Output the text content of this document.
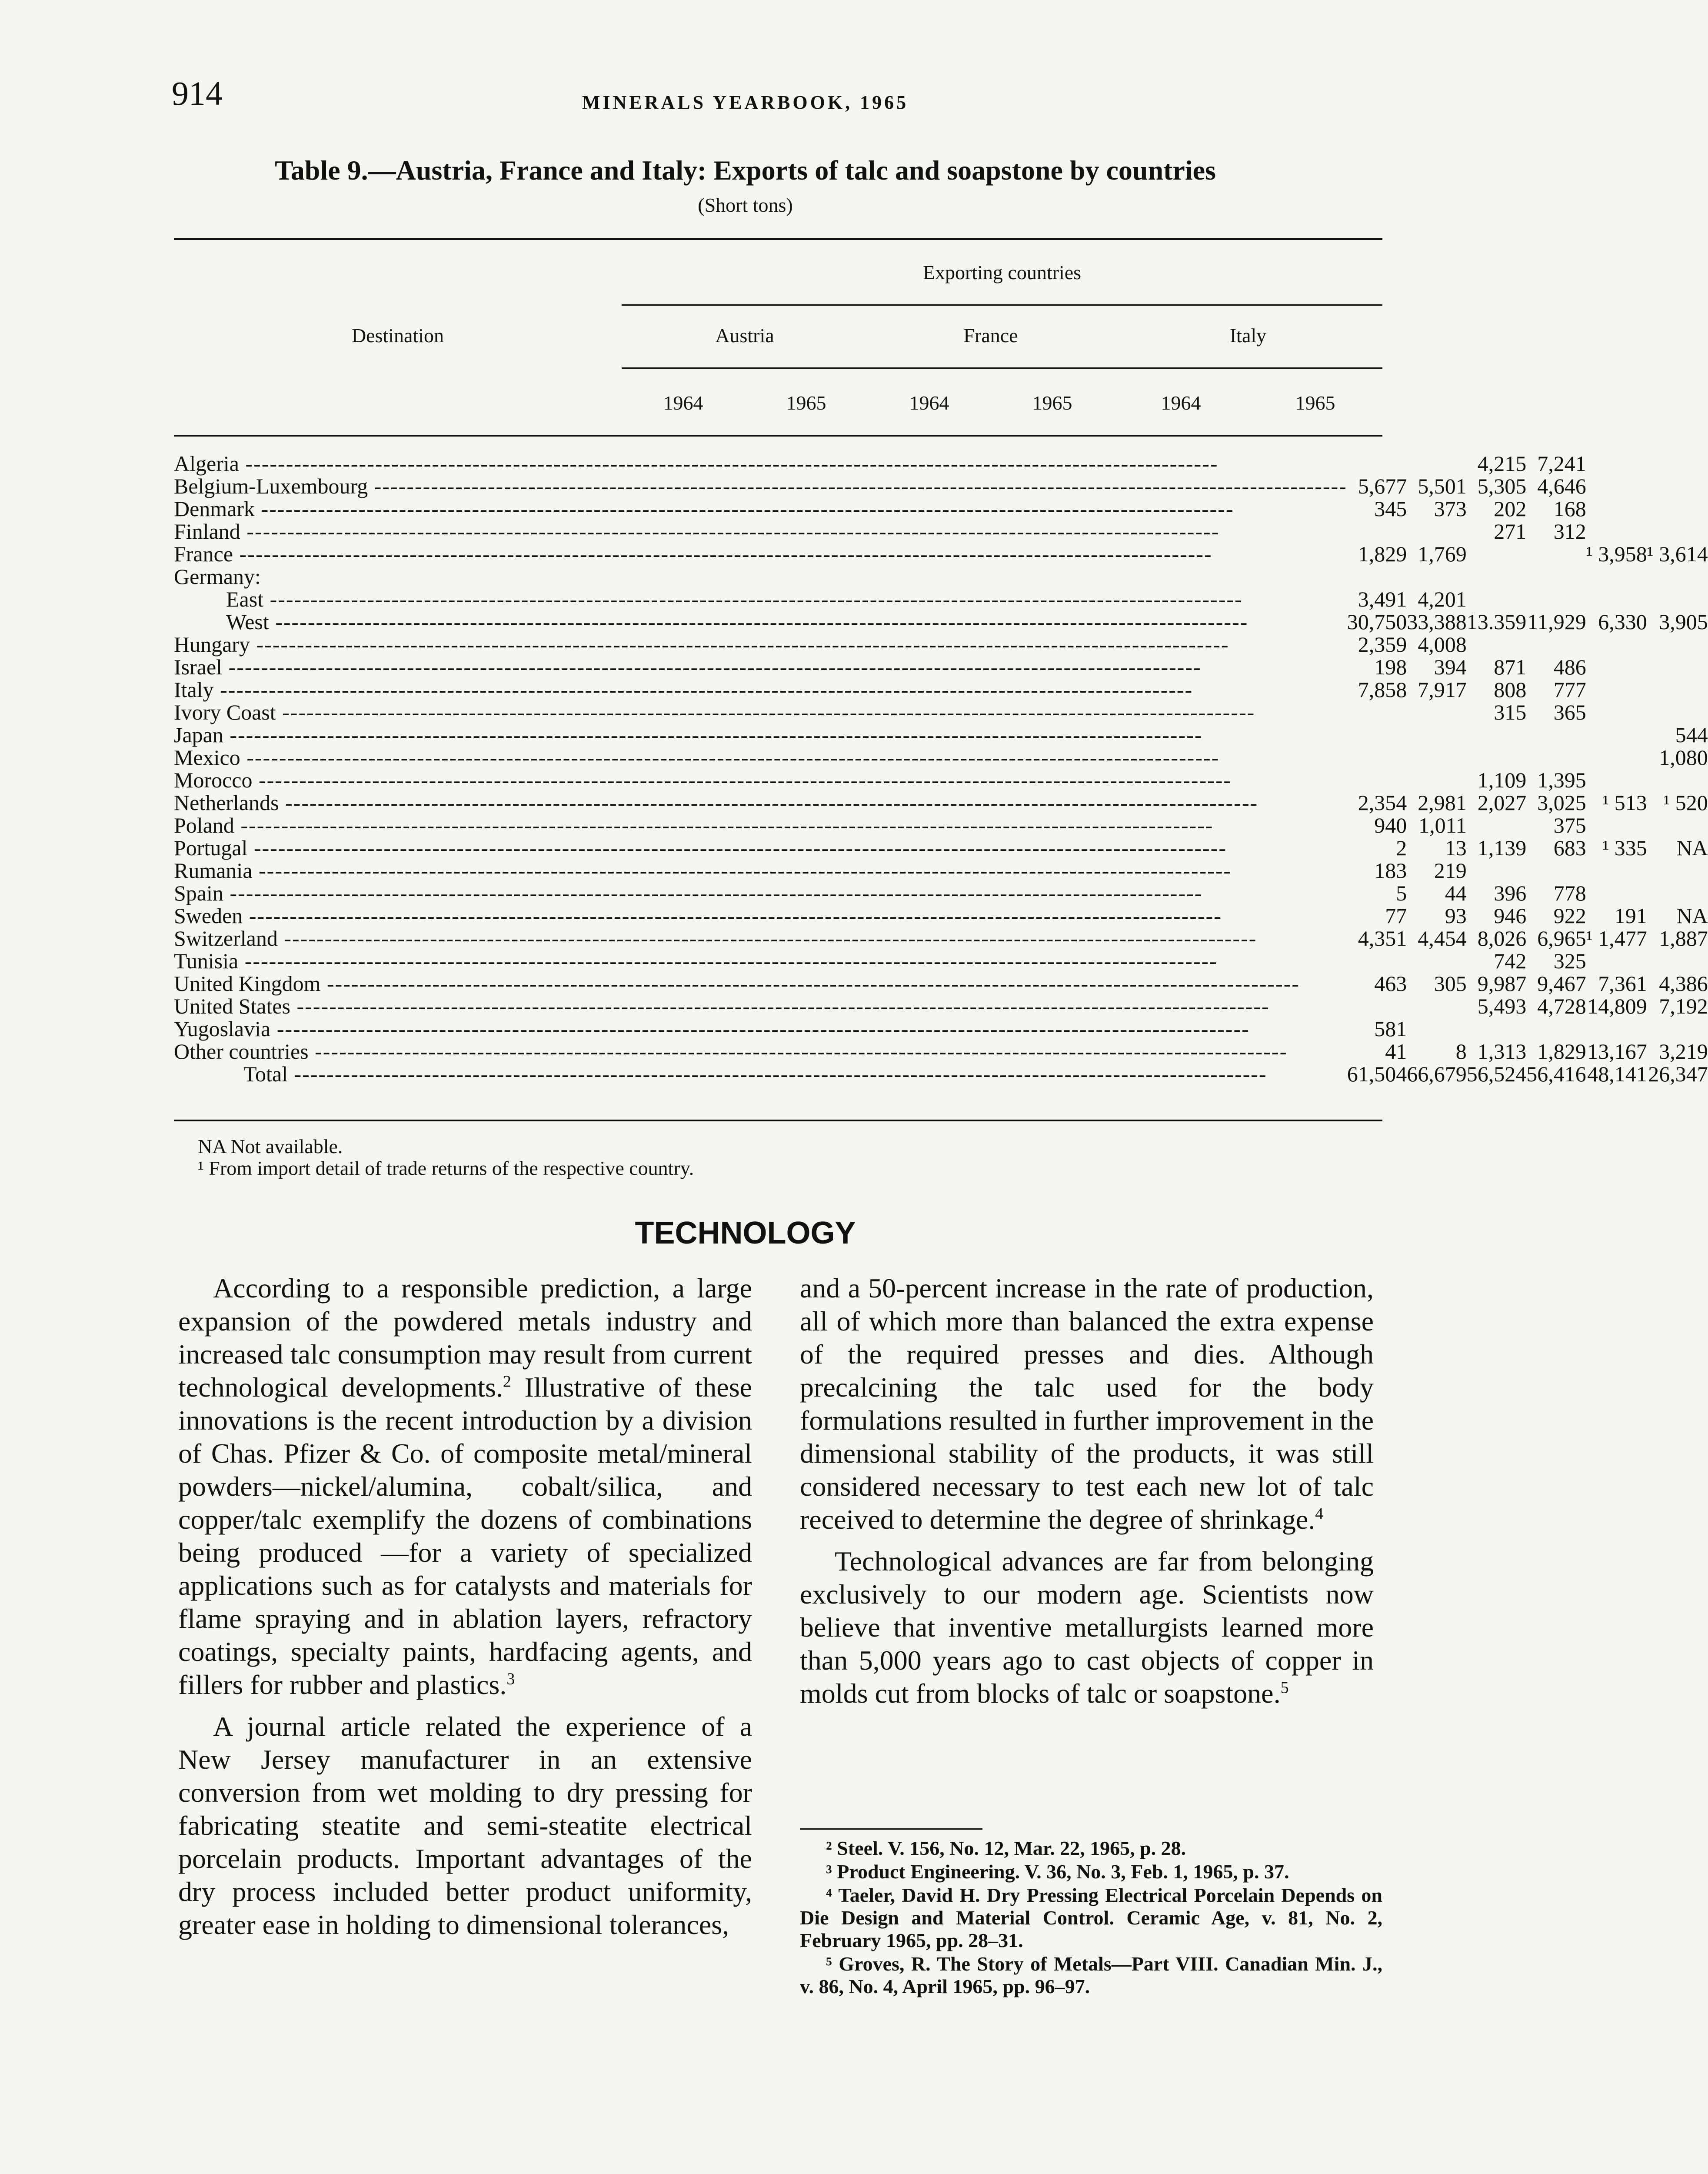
914	MINERALS YEARBOOK, 1965
Table 9.—Austria, France and Italy: Exports of talc and soapstone by countries
(Short tons)
Destination
Exporting countries
Austria	France	Italy
1964	1965	1964	1965	1964	1965
Algeria -----			4,215	7,241		

Belgium-Luxembourg -----	5,677	5,501	5,305	4,646		

Denmark -----	345	373	202	168		

Finland -----			271	312		

France -----	1,829	1,769			¹ 3,958	¹ 3,614

Germany:						

East -----	3,491	4,201				

West -----	30,750	33,388	13.359	11,929	6,330	3,905

Hungary -----	2,359	4,008				

Israel -----	198	394	871	486		

Italy -----	7,858	7,917	808	777		

Ivory Coast -----			315	365		

Japan -----						544

Mexico -----						1,080

Morocco -----			1,109	1,395		

Netherlands -----	2,354	2,981	2,027	3,025	¹ 513	¹ 520

Poland -----	940	1,011		375		

Portugal -----	2	13	1,139	683	¹ 335	NA

Rumania -----	183	219				

Spain -----	5	44	396	778		

Sweden -----	77	93	946	922	191	NA

Switzerland -----	4,351	4,454	8,026	6,965	¹ 1,477	1,887

Tunisia -----			742	325		

United Kingdom -----	463	305	9,987	9,467	7,361	4,386

United States -----			5,493	4,728	14,809	7,192

Yugoslavia -----	581					

Other countries -----	41	8	1,313	1,829	13,167	3,219

Total -----	61,504	66,679	56,524	56,416	48,141	26,347
NA Not available.
¹ From import detail of trade returns of the respective country.
TECHNOLOGY

According to a responsible prediction, a large expansion of the powdered metals industry and increased talc consumption may result from current technological developments.$^2$ Illustrative of these innovations is the recent introduction by a division of Chas. Pfizer & Co. of composite metal/mineral powders—nickel/alumina, cobalt/silica, and copper/talc exemplify the dozens of combinations being produced —for a variety of specialized applications such as for catalysts and materials for flame spraying and in ablation layers, refractory coatings, specialty paints, hardfacing agents, and fillers for rubber and plastics.$^3$

A journal article related the experience of a New Jersey manufacturer in an extensive conversion from wet molding to dry pressing for fabricating steatite and semi-steatite electrical porcelain products. Important advantages of the dry process included better product uniformity, greater ease in holding to dimensional tolerances,

and a 50-percent increase in the rate of production, all of which more than balanced the extra expense of the required presses and dies. Although precalcining the talc used for the body formulations resulted in further improvement in the dimensional stability of the products, it was still considered necessary to test each new lot of talc received to determine the degree of shrinkage.$^4$

Technological advances are far from belonging exclusively to our modern age. Scientists now believe that inventive metallurgists learned more than 5,000 years ago to cast objects of copper in molds cut from blocks of talc or soapstone.$^5$

² Steel. V. 156, No. 12, Mar. 22, 1965, p. 28.
³ Product Engineering. V. 36, No. 3, Feb. 1, 1965, p. 37.
⁴ Taeler, David H. Dry Pressing Electrical Porcelain Depends on Die Design and Material Control. Ceramic Age, v. 81, No. 2, February 1965, pp. 28–31.
⁵ Groves, R. The Story of Metals—Part VIII. Canadian Min. J., v. 86, No. 4, April 1965, pp. 96–97.
